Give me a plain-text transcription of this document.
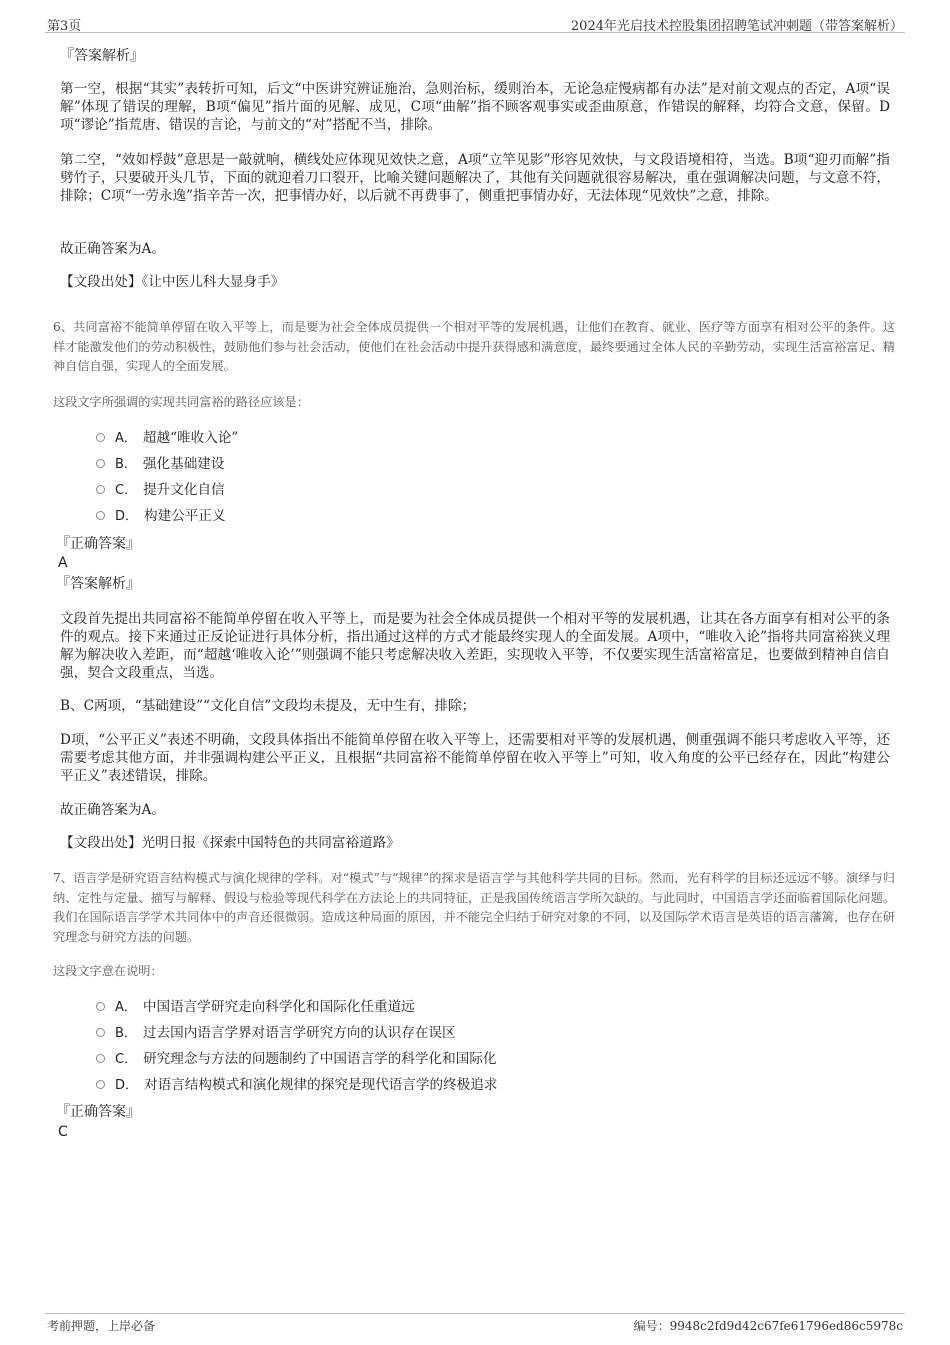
第3页	2024年光启技术控股集团招聘笔试冲刺题（带答案解析）
『答案解析』
第一空，根据“其实”表转折可知，后文“中医讲究辨证施治，急则治标，缓则治本，无论急症慢病都有办法”是对前文观点的否定，A项“误解”体现了错误的理解，B项“偏见”指片面的见解、成见，C项“曲解”指不顾客观事实或歪曲原意，作错误的解释，均符合文意，保留。D项“谬论”指荒唐、错误的言论，与前文的“对”搭配不当，排除。
第二空，“效如桴鼓”意思是一敲就响，横线处应体现见效快之意，A项“立竿见影”形容见效快，与文段语境相符，当选。B项“迎刃而解”指劈竹子，只要破开头几节，下面的就迎着刀口裂开，比喻关键问题解决了，其他有关问题就很容易解决，重在强调解决问题，与文意不符，排除；C项“一劳永逸”指辛苦一次，把事情办好，以后就不再费事了，侧重把事情办好，无法体现“见效快”之意，排除。
故正确答案为A。
【文段出处】《让中医儿科大显身手》
6、共同富裕不能简单停留在收入平等上，而是要为社会全体成员提供一个相对平等的发展机遇，让他们在教育、就业、医疗等方面享有相对公平的条件。这样才能激发他们的劳动积极性，鼓励他们参与社会活动，使他们在社会活动中提升获得感和满意度，最终要通过全体人民的辛勤劳动，实现生活富裕富足、精神自信自强，实现人的全面发展。
这段文字所强调的实现共同富裕的路径应该是：
A． 超越“唯收入论”
B． 强化基础建设
C． 提升文化自信
D． 构建公平正义
『正确答案』
A
『答案解析』
文段首先提出共同富裕不能简单停留在收入平等上，而是要为社会全体成员提供一个相对平等的发展机遇，让其在各方面享有相对公平的条件的观点。接下来通过正反论证进行具体分析，指出通过这样的方式才能最终实现人的全面发展。A项中，“唯收入论”指将共同富裕狭义理解为解决收入差距，而“超越‘唯收入论’”则强调不能只考虑解决收入差距，实现收入平等，不仅要实现生活富裕富足，也要做到精神自信自强，契合文段重点，当选。
B、C两项，“基础建设”“文化自信”文段均未提及，无中生有，排除；
D项，“公平正义”表述不明确，文段具体指出不能简单停留在收入平等上，还需要相对平等的发展机遇，侧重强调不能只考虑收入平等，还需要考虑其他方面，并非强调构建公平正义，且根据“共同富裕不能简单停留在收入平等上”可知，收入角度的公平已经存在，因此“构建公平正义”表述错误，排除。
故正确答案为A。
【文段出处】光明日报《探索中国特色的共同富裕道路》
7、语言学是研究语言结构模式与演化规律的学科。对“模式”与“规律”的探求是语言学与其他科学共同的目标。然而，光有科学的目标还远远不够。演绎与归纳、定性与定量、描写与解释、假设与检验等现代科学在方法论上的共同特征，正是我国传统语言学所欠缺的。与此同时，中国语言学还面临着国际化问题。我们在国际语言学学术共同体中的声音还很微弱。造成这种局面的原因，并不能完全归结于研究对象的不同，以及国际学术语言是英语的语言藩篱，也存在研究理念与研究方法的问题。
这段文字意在说明：
A． 中国语言学研究走向科学化和国际化任重道远
B． 过去国内语言学界对语言学研究方向的认识存在误区
C． 研究理念与方法的问题制约了中国语言学的科学化和国际化
D． 对语言结构模式和演化规律的探究是现代语言学的终极追求
『正确答案』
C
考前押题，上岸必备	编号：9948c2fd9d42c67fe61796ed86c5978c
